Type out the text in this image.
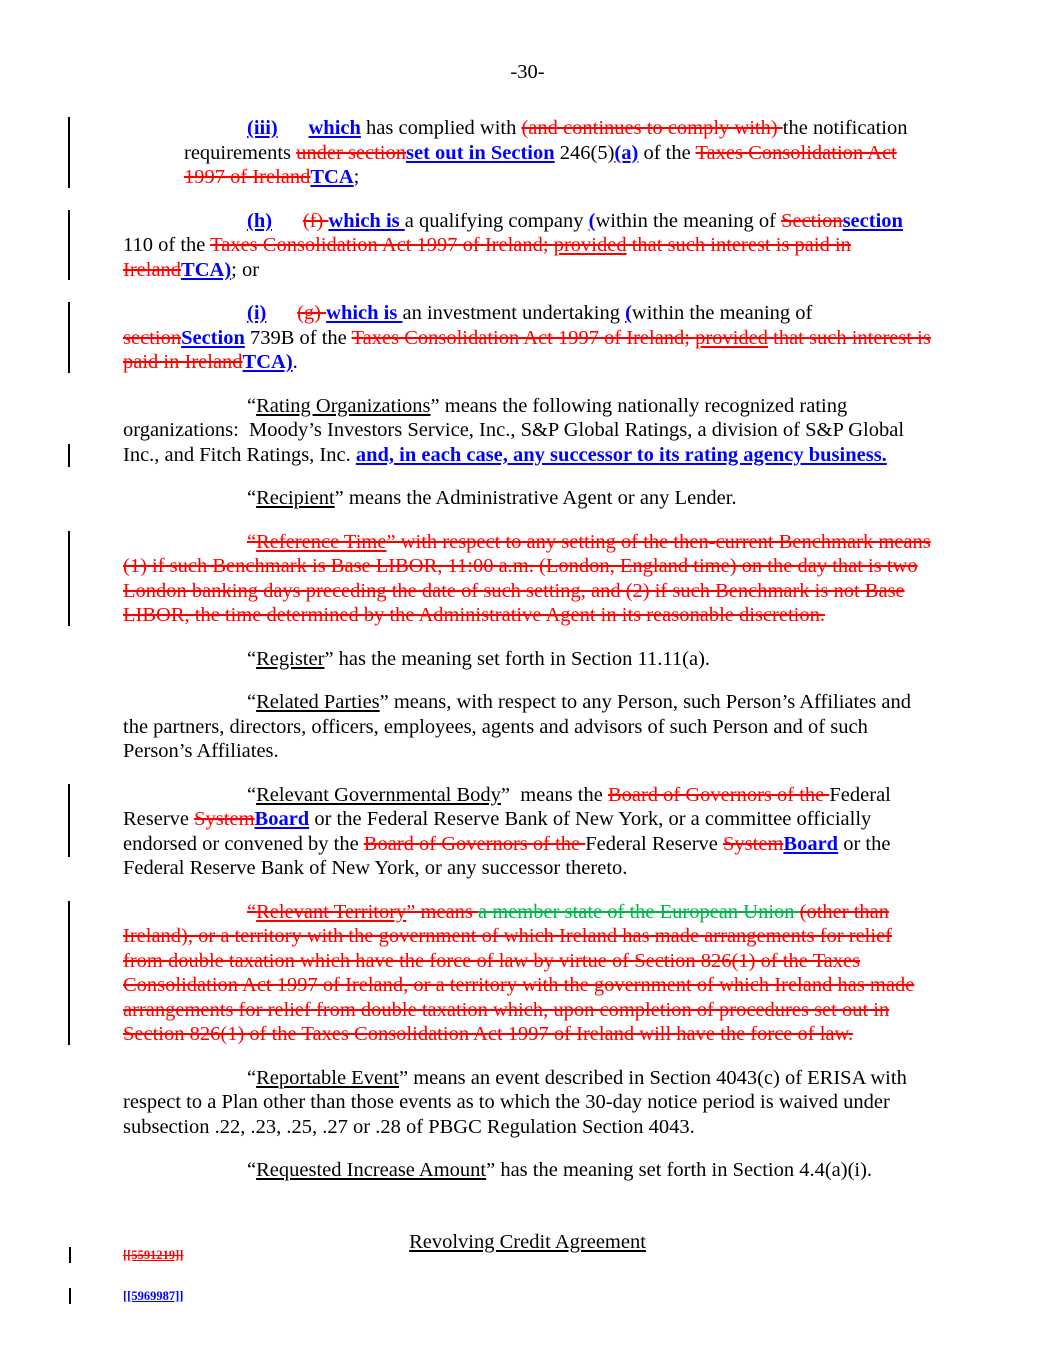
-30-
(iii) which has complied with (and continues to comply with) the notification requirements under sectionset out in Section 246(5)(a) of the Taxes Consolidation Act 1997 of IrelandTCA;
(h) (f) which is a qualifying company (within the meaning of Sectionsection 110 of the Taxes Consolidation Act 1997 of Ireland; provided that such interest is paid in IrelandTCA); or
(i) (g) which is an investment undertaking (within the meaning of sectionSection 739B of the Taxes Consolidation Act 1997 of Ireland; provided that such interest is paid in IrelandTCA).
“Rating Organizations” means the following nationally recognized rating organizations:  Moody’s Investors Service, Inc., S&P Global Ratings, a division of S&P Global Inc., and Fitch Ratings, Inc. and, in each case, any successor to its rating agency business.
“Recipient” means the Administrative Agent or any Lender.
“Reference Time” with respect to any setting of the then-current Benchmark means (1) if such Benchmark is Base LIBOR, 11:00 a.m. (London, England time) on the day that is two London banking days preceding the date of such setting, and (2) if such Benchmark is not Base LIBOR, the time determined by the Administrative Agent in its reasonable discretion.
“Register” has the meaning set forth in Section 11.11(a).
“Related Parties” means, with respect to any Person, such Person’s Affiliates and the partners, directors, officers, employees, agents and advisors of such Person and of such Person’s Affiliates.
“Relevant Governmental Body”  means the Board of Governors of the Federal Reserve SystemBoard or the Federal Reserve Bank of New York, or a committee officially endorsed or convened by the Board of Governors of the Federal Reserve SystemBoard or the Federal Reserve Bank of New York, or any successor thereto.
“Relevant Territory” means a member state of the European Union (other than Ireland), or a territory with the government of which Ireland has made arrangements for relief from double taxation which have the force of law by virtue of Section 826(1) of the Taxes Consolidation Act 1997 of Ireland, or a territory with the government of which Ireland has made arrangements for relief from double taxation which, upon completion of procedures set out in Section 826(1) of the Taxes Consolidation Act 1997 of Ireland will have the force of law.
“Reportable Event” means an event described in Section 4043(c) of ERISA with respect to a Plan other than those events as to which the 30-day notice period is waived under subsection .22, .23, .25, .27 or .28 of PBGC Regulation Section 4043.
“Requested Increase Amount” has the meaning set forth in Section 4.4(a)(i).
Revolving Credit Agreement
[[5591219]]
[[5969987]]
